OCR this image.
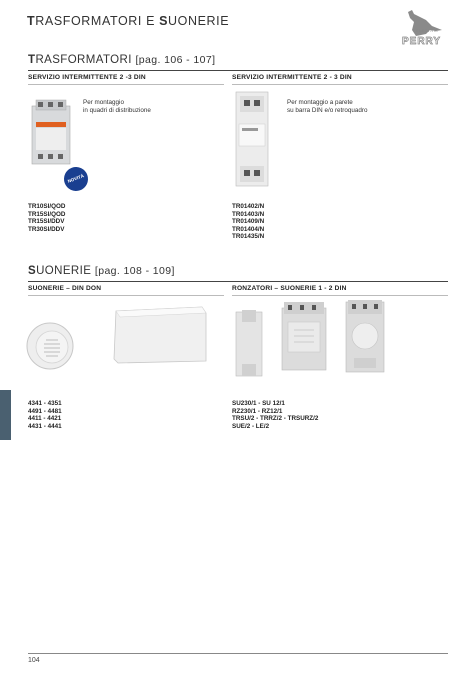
TRASFORMATORI E SUONERIE
ELECTRIC
PERRY
TRASFORMATORI [pag. 106 - 107]
SERVIZIO INTERMITTENTE 2 -3 DIN	SERVIZIO INTERMITTENTE 2 - 3 DIN
Per montaggio
in quadri di distribuzione
Per montaggio a parete
su barra DIN e/o retroquadro
NOVITÀ
TR10SI/QOD
TR15SI/QOD
TR15SI/DDV
TR30SI/DDV
TR01402/N
TR01403/N
TR01409/N
TR01404/N
TR01435/N
SUONERIE [pag. 108 - 109]
SUONERIE – DIN DON	RONZATORI – SUONERIE 1 - 2 DIN
4341 - 4351
4491 - 4481
4411 - 4421
4431 - 4441
SU230/1 - SU 12/1
RZ230/1 - RZ12/1
TRSU/2 - TRRZ/2 - TRSURZ/2
SUE/2 - LE/2
104
